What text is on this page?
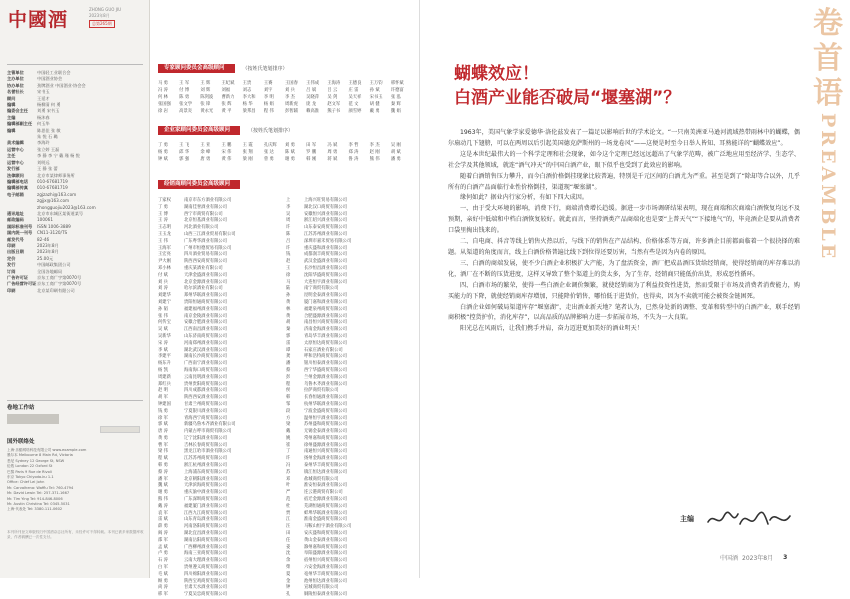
中國酒	ZHONG GUO JIU
2023年8月
总第265期
主管单位	中国轻工业联合会
主办单位	中国酒业协会
协办单位	劲牌酒业 中国酒业·协会会
名誉社长	宋书玉
顾问	王延才
编辑	杨柳清 何 勇
编委会主任	刘勇 宋书玉
主编	杨沐春
编辑部副主任	何玉华
编辑	陈思佳 张 敏
朱 悦 石 璐
美术编辑	李海玲
运营中心	张立婷 王磊
主任	李 静 李 宁 戴 瑾 杨 悦
运营中心	刘明远
发行部	王 静 张 蕾
法律顾问	北京市某律师事务所
编辑部电话	010-67681719
编辑部传真	010-67681719
电子邮箱	zgjzazhi@163.com
zgjjx@163.com
zhongguojiu2023@163.com
通讯地址	北京市东城区某街道某号
邮政编码	100061
国际标准刊号	ISSN 1006-3889
国内统一刊号	CN11-3120/TS
邮发代号	82-46
印刷	2023年8月
出版日期	2023年8月
定价	25.00元
发行	中国邮政集团公司
订阅	全国各地邮局
广告许可证	京东工商广字第0070号
广告经营许可证 京东工商广字第0070号
印刷	北京某印刷有限公司
卷地工作站
国外联络处
上海·乐酷网络科技有限公司 www.example.com
墨尔本 Melbourne 8 Main Rd, Victoria
悉尼 Sydney 12 George St, NSW
伦敦 London 22 Oxford St
巴黎 Paris 9 Rue de Rivoli
东京 Tokyo Chiyoda-ku 1-1
Office: Chief Lei John
Mr. Carvalhena: Wafflu Tel: 760-4794
Mr. David Lewin Tel: 257-371-1667
Mr. Tim Ying Tel: 914-846-8006
Mr. Austin Christina Tel: 0345-5031
上海·代表处 Tel: 3380-111-0602
本刊所刊登文章版权归中国酒杂志社所有，未经许可不得转载。本刊已被多家数据库收录，作者稿酬已一次性支付。
专家顾问委员会高级顾问	（按姓氏笔划排序）
马 勇	王 军	王 辉	王纪斌	王贵	王赛	王国春	王伟成	王海涛	王德良	王万钧	邢怀斌
冯 涛	付 博	刘 辉	刘福	刘志	刘宇	刘 兵	吕 斌	吕 云	庄 雷	孙 斌	许德富
何 林	陈 勇	陈剑波	曹新力	李大和	李 明	李 杰	吴晓萍	吴 剑	吴天祥	宋书玉	张 泓
张国强	张文学	张 锋	张 辉	杨 华	杨 娟	周新虎	庞 龙	赵文军	范 文	胡 健	秦 辉
徐 岩	高景炎	黄永光	黄 平	梁邦昌	程 伟	彭智辅	赖高淮	熊子书	颜雪婷	戴 勇	魏 娟
企业家顾问委员会高级顾问	（按姓氏笔划排序）
丁 勇	王 飞	王 亚	王 鹏	王 霞	孔庆辉	刘 勇	田 军	冯 斌	李 哲	李 杰	吴 刚
杨 勇	邱 华	余 峰	宋 伟	张 翔	张 达	陈 斌	罗 鹏	周 勇	郑 涛	赵 刚	胡 斌
钟 斌	郭 强	唐 勇	黄 伟	梁 刚	曾 勇	谢 勇	韩 刚	蒋 斌	鲁 涛	熊 伟	潘 勇
经销商顾问委员会高级顾问
丁家权	南京市东方酒业有限公司	上	上海兴旺贸易有限公司
丁 勇	湖南佳誉酒业有限公司	李	湖北汉口商贸有限公司
王 博	西宁市商贸有限公司	吴	安徽恒兴酒业有限公司
王 涛	北京恒基酒业有限公司	周	浙江绍兴酒业有限公司
王志明	河北酒业有限公司	许	山东泰安商贸有限公司
王玉龙	山西三江酒业贸易有限公司	陈	江苏苏州酒业有限公司
王 伟	广东粤华酒业有限公司	吕	深圳市嘉禾贸易有限公司
王海军	广州市恒德贸易有限公司	许	重庆盛和酒业有限公司
王宏亮	四川酒业贸易有限公司	钱	成都润丰商贸有限公司
尹大刚	陕西西安商贸有限公司	赵	武汉金盛酒业有限公司
邓小林	重庆某酒业有限公司	王	长沙恒昌酒业有限公司
付 斌	天津金盛酒业有限公司	徐	沈阳华盛商贸有限公司
刘 兵	北京金源酒业有限公司	马	大连恒宇酒业有限公司
刘 涛	哈尔滨酒业有限公司	陆	南宁商贸有限公司
刘建华	郑州华联酒业有限公司	孙	昆明金泰酒业有限公司
刘建宁	贵阳恒通商贸有限公司	黄	厦门嘉和酒业有限公司
孙 韬	福建福州酒业有限公司	林	福建泉州商贸有限公司
张 伟	南京金陵酒业有限公司	黄	合肥盛源酒业有限公司
何传宝	安徽合肥酒业有限公司	胡	南昌恒兴商贸有限公司
吴 斌	江西南昌酒业有限公司	秦	济南金海酒业有限公司
吴新华	山东济南商贸有限公司	郭	青岛华丰酒业有限公司
宋 涛	河南郑州酒业有限公司	雷	太原恒达商贸有限公司
李 斌	湖北武汉酒业有限公司	谭	石家庄酒业有限公司
李建平	湖南长沙商贸有限公司	龚	呼和浩特商贸有限公司
杨东升	广西南宁酒业有限公司	潘	银川恒泰酒业有限公司
杨 凯	海南海口商贸有限公司	蔡	西宁华盛商贸有限公司
周建新	云南昆明酒业有限公司	彭	兰州金源酒业有限公司
郑红兵	贵州贵阳商贸有限公司	程	乌鲁木齐酒业有限公司
赵 明	四川成都酒业有限公司	侯	拉萨商贸有限公司
胡 军	陕西西安酒业有限公司	韩	长春恒通酒业有限公司
钟建国	甘肃兰州商贸有限公司	邹	杭州华联酒业有限公司
钱 勇	宁夏银川酒业有限公司	段	宁波金盛商贸有限公司
徐 军	青海西宁商贸有限公司	方	温州恒宇酒业有限公司
郭 斌	新疆乌鲁木齐酒业有限公司	梁	苏州盛和商贸有限公司
唐 涛	内蒙古呼市商贸有限公司	戴	无锡金泰酒业有限公司
黄 勇	辽宁沈阳酒业有限公司	姚	常州嘉和商贸有限公司
曹 军	吉林长春商贸有限公司	崔	徐州盛源酒业有限公司
梁 伟	黑龙江哈市酒业有限公司	丁	南通恒兴商贸有限公司
程 斌	江苏苏州商贸有限公司	许	扬州金海酒业有限公司
韩 勇	浙江杭州酒业有限公司	冯	泰州华丰商贸有限公司
蔡 涛	上海浦东商贸有限公司	苏	镇江恒达酒业有限公司
潘 军	北京朝阳酒业有限公司	邓	盐城商贸有限公司
魏 斌	天津滨海商贸有限公司	叶	淮安恒泰酒业有限公司
谢 勇	重庆渝中酒业有限公司	严	连云港商贸有限公司
熊 伟	广东深圳商贸有限公司	范	宿迁金源酒业有限公司
戴 涛	福建厦门酒业有限公司	杜	芜湖恒通商贸有限公司
袁 军	江西九江商贸有限公司	贾	蚌埠华联酒业有限公司
雷 斌	山东青岛酒业有限公司	江	淮南金盛商贸有限公司
薛 勇	河南洛阳商贸有限公司	汪	马鞍山恒宇酒业有限公司
阎 涛	湖北宜昌酒业有限公司	田	安庆盛和商贸有限公司
邵 军	湖南岳阳商贸有限公司	任	黄山金泰酒业有限公司
孟 斌	广西柳州酒业有限公司	姜	滁州嘉和商贸有限公司
卢 勇	海南三亚商贸有限公司	沈	阜阳盛源酒业有限公司
石 涛	云南大理酒业有限公司	余	宿州恒兴商贸有限公司
白 军	贵州遵义商贸有限公司	柴	六安金海酒业有限公司
毛 斌	四川绵阳酒业有限公司	夏	亳州华丰商贸有限公司
顾 勇	陕西宝鸡商贸有限公司	金	池州恒达酒业有限公司
尚 涛	甘肃天水酒业有限公司	钟	宣城商贸有限公司
邢 军	宁夏吴忠商贸有限公司	孔	铜陵恒泰酒业有限公司
卷
首
语
PREAMBLE
蝴蝶效应！
白酒产业能否破局“堰塞湖”？

1963年，美国气象学家爱德华·洛伦兹发表了一篇足以影响后世的学术论文。“一只南美洲亚马逊河流域热带雨林中的蝴蝶，偶尔扇动几下翅膀，可以在两周以后引起美国德克萨斯州的一场龙卷风”——这便是时至今日举人皆知、耳熟能详的“蝴蝶效应”。

这是本世纪最伟大的一个科学定理和社会现象，如今这个定理已经远远超出了气象学范畴，被广泛地应用至经济学、生态学、社会学及其他领域，就连“酒气冲天”的中国白酒产业，眼下似乎也受到了此效应的影响。

随着白酒销售压力攀升，而今白酒价格倒挂现象比较普遍，特别是千元区间的白酒尤为严重。甚至是到了“除却等合以外，几乎所有的白酒产品面临行业性价格倒挂，渠道现“堰塞湖”。

缘何如此？据业内行家分析，有如下四大成因。

一、由于受大环境的影响，消费下行，商端消费增长趋缓。据进一步市场调研结果表明，现在商端和次商端白酒恢复均远不及预期，亲好中低端和中档白酒恢复较好。就此而言，坚持酒类产品商端化也是要“上普天气”“下接地气”的，毕竟酒企是要从消费者口袋里掏出钱来的。

二、自电商、抖音等线上销售火热以后，与线下的销售在产品结构、价格体系等方面，许多酒企目前都面临着一个很抉择的难题。从渠道的角度而言，线上白酒价格普遍比线下到位得还要厉害，当然有些是因为内卷的原因。

三、白酒的商端发展，使不少白酒企业积极扩大产能，为了盘活资金，酒厂把成品酒压货给经销商，使得经销商的库存难以消化，酒厂在不断的压货进度，这样又导致了整个渠道上的货太多，为了生存，经销商只能低价出货，形成恶性循环。

四、白酒市场的繁荣，使得一些白酒企业调价频繁，就使经销商为了利益投资性进货，然而受限于市场及消费者消费能力，购买能力的下降，就使经销商库存增加，只能降价销售，哪怕低于进货价，也得卖，因为不卖就可能会被资金链困死。

白酒企业如何破局渠道库存“堰塞湖”，走出酒业新天地？笔者认为，已然身处新的调整、变革和转型中的白酒产业，联手经销商积极“控货护价，消化库存”，以高品质的品牌影响力进一步拓展市场，不失为一大良策。

阳光总在风雨后，让我们携手并肩，奋力迈进更加美好的酒业明天！

主编
中国酒 2023年8月 3
